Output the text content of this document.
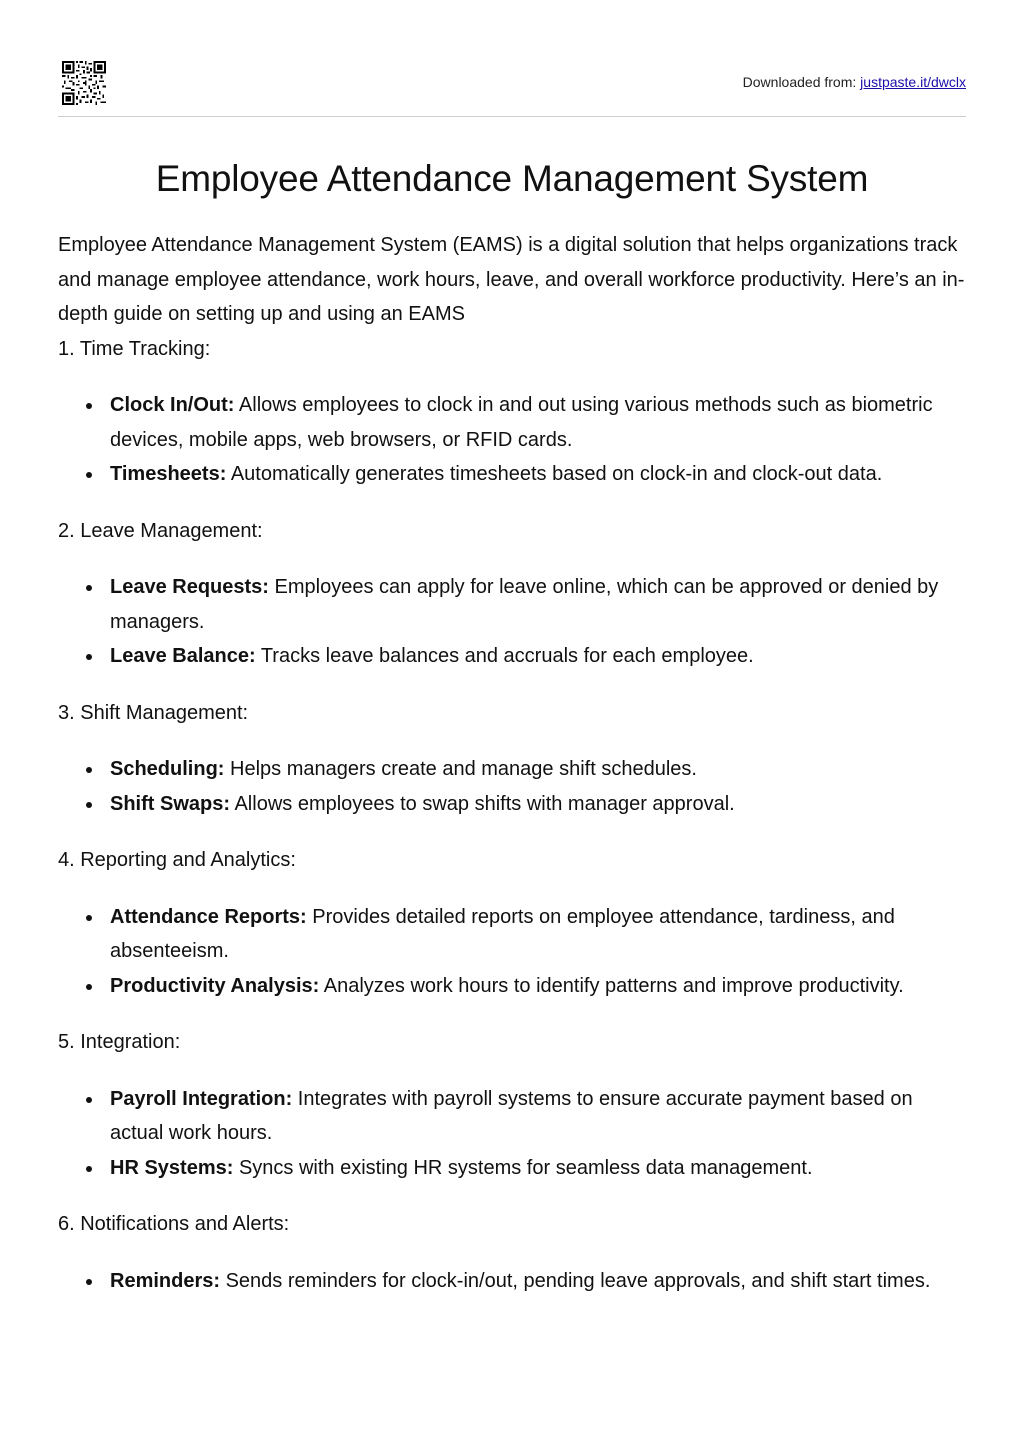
Downloaded from: justpaste.it/dwclx
Employee Attendance Management System

Employee Attendance Management System (EAMS) is a digital solution that helps organizations track and manage employee attendance, work hours, leave, and overall workforce productivity. Here’s an in-depth guide on setting up and using an EAMS

1. Time Tracking:

Clock In/Out: Allows employees to clock in and out using various methods such as biometric devices, mobile apps, web browsers, or RFID cards.
Timesheets: Automatically generates timesheets based on clock-in and clock-out data.

2. Leave Management:

Leave Requests: Employees can apply for leave online, which can be approved or denied by managers.
Leave Balance: Tracks leave balances and accruals for each employee.

3. Shift Management:

Scheduling: Helps managers create and manage shift schedules.
Shift Swaps: Allows employees to swap shifts with manager approval.

4. Reporting and Analytics:

Attendance Reports: Provides detailed reports on employee attendance, tardiness, and absenteeism.
Productivity Analysis: Analyzes work hours to identify patterns and improve productivity.

5. Integration:

Payroll Integration: Integrates with payroll systems to ensure accurate payment based on actual work hours.
HR Systems: Syncs with existing HR systems for seamless data management.

6. Notifications and Alerts:

Reminders: Sends reminders for clock-in/out, pending leave approvals, and shift start times.
